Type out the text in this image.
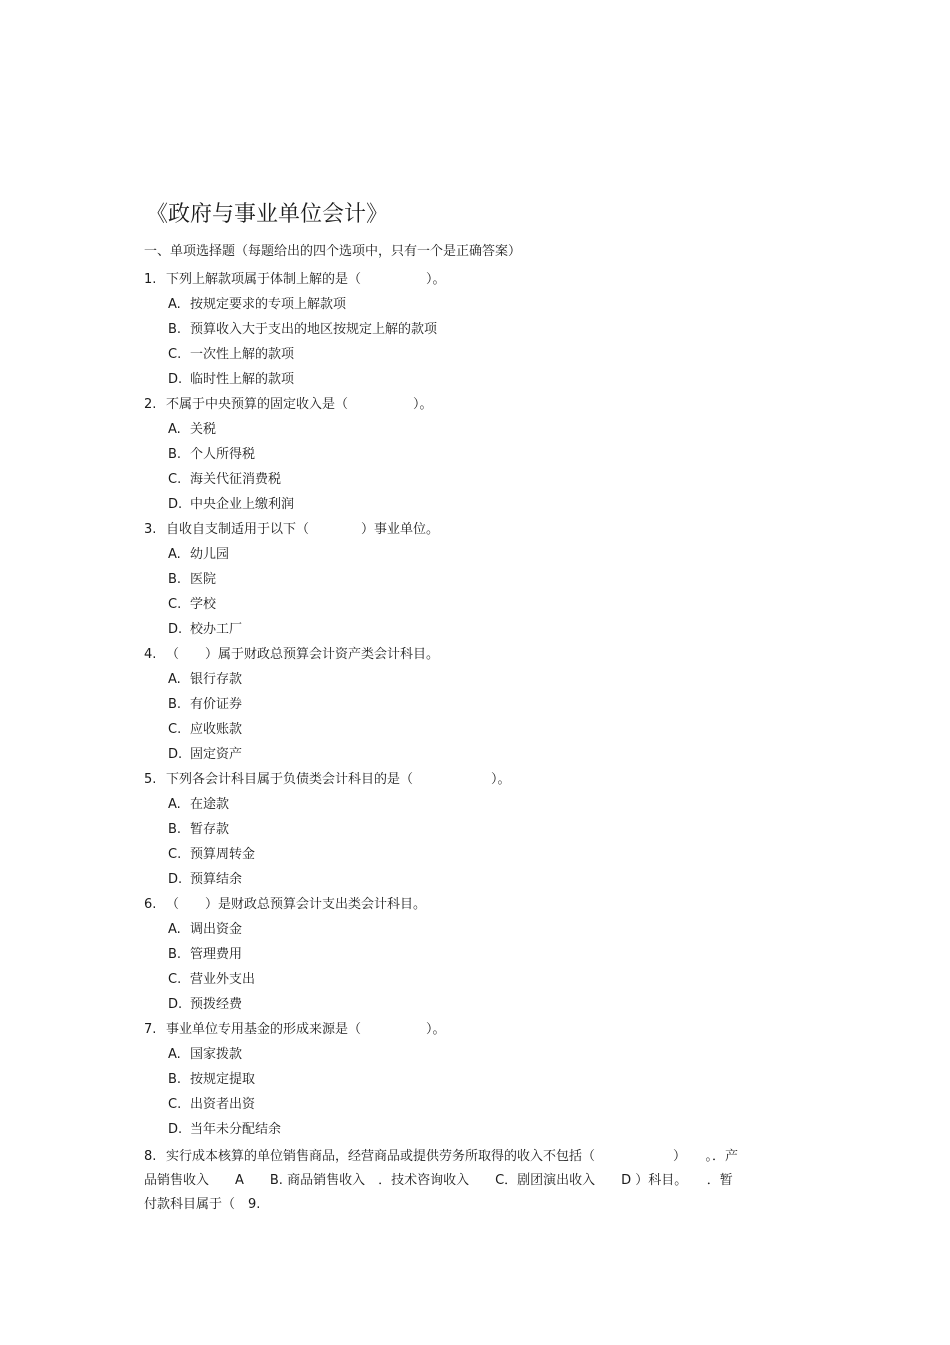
《政府与事业单位会计》
一、单项选择题（每题给出的四个选项中，只有一个是正确答案）
1. 下列上解款项属于体制上解的是（　　　　　）。
A. 按规定要求的专项上解款项
B. 预算收入大于支出的地区按规定上解的款项
C. 一次性上解的款项
D. 临时性上解的款项
2. 不属于中央预算的固定收入是（　　　　　）。
A. 关税
B. 个人所得税
C. 海关代征消费税
D. 中央企业上缴利润
3. 自收自支制适用于以下（　　　　）事业单位。
A. 幼儿园
B. 医院
C. 学校
D. 校办工厂
4. （　　）属于财政总预算会计资产类会计科目。
A. 银行存款
B. 有价证券
C. 应收账款
D. 固定资产
5. 下列各会计科目属于负债类会计科目的是（　　　　　　）。
A. 在途款
B. 暂存款
C. 预算周转金
D. 预算结余
6. （　　）是财政总预算会计支出类会计科目。
A. 调出资金
B. 管理费用
C. 营业外支出
D. 预拨经费
7. 事业单位专用基金的形成来源是（　　　　　）。
A. 国家拨款
B. 按规定提取
C. 出资者出资
D. 当年未分配结余
8. 实行成本核算的单位销售商品，经营商品或提供劳务所取得的收入不包括（　　　　　　）　　。．产
品销售收入　　A　　B. 商品销售收入　．技术咨询收入　　C．剧团演出收入　　D ）科目。　　．暂
付款科目属于（　9.
